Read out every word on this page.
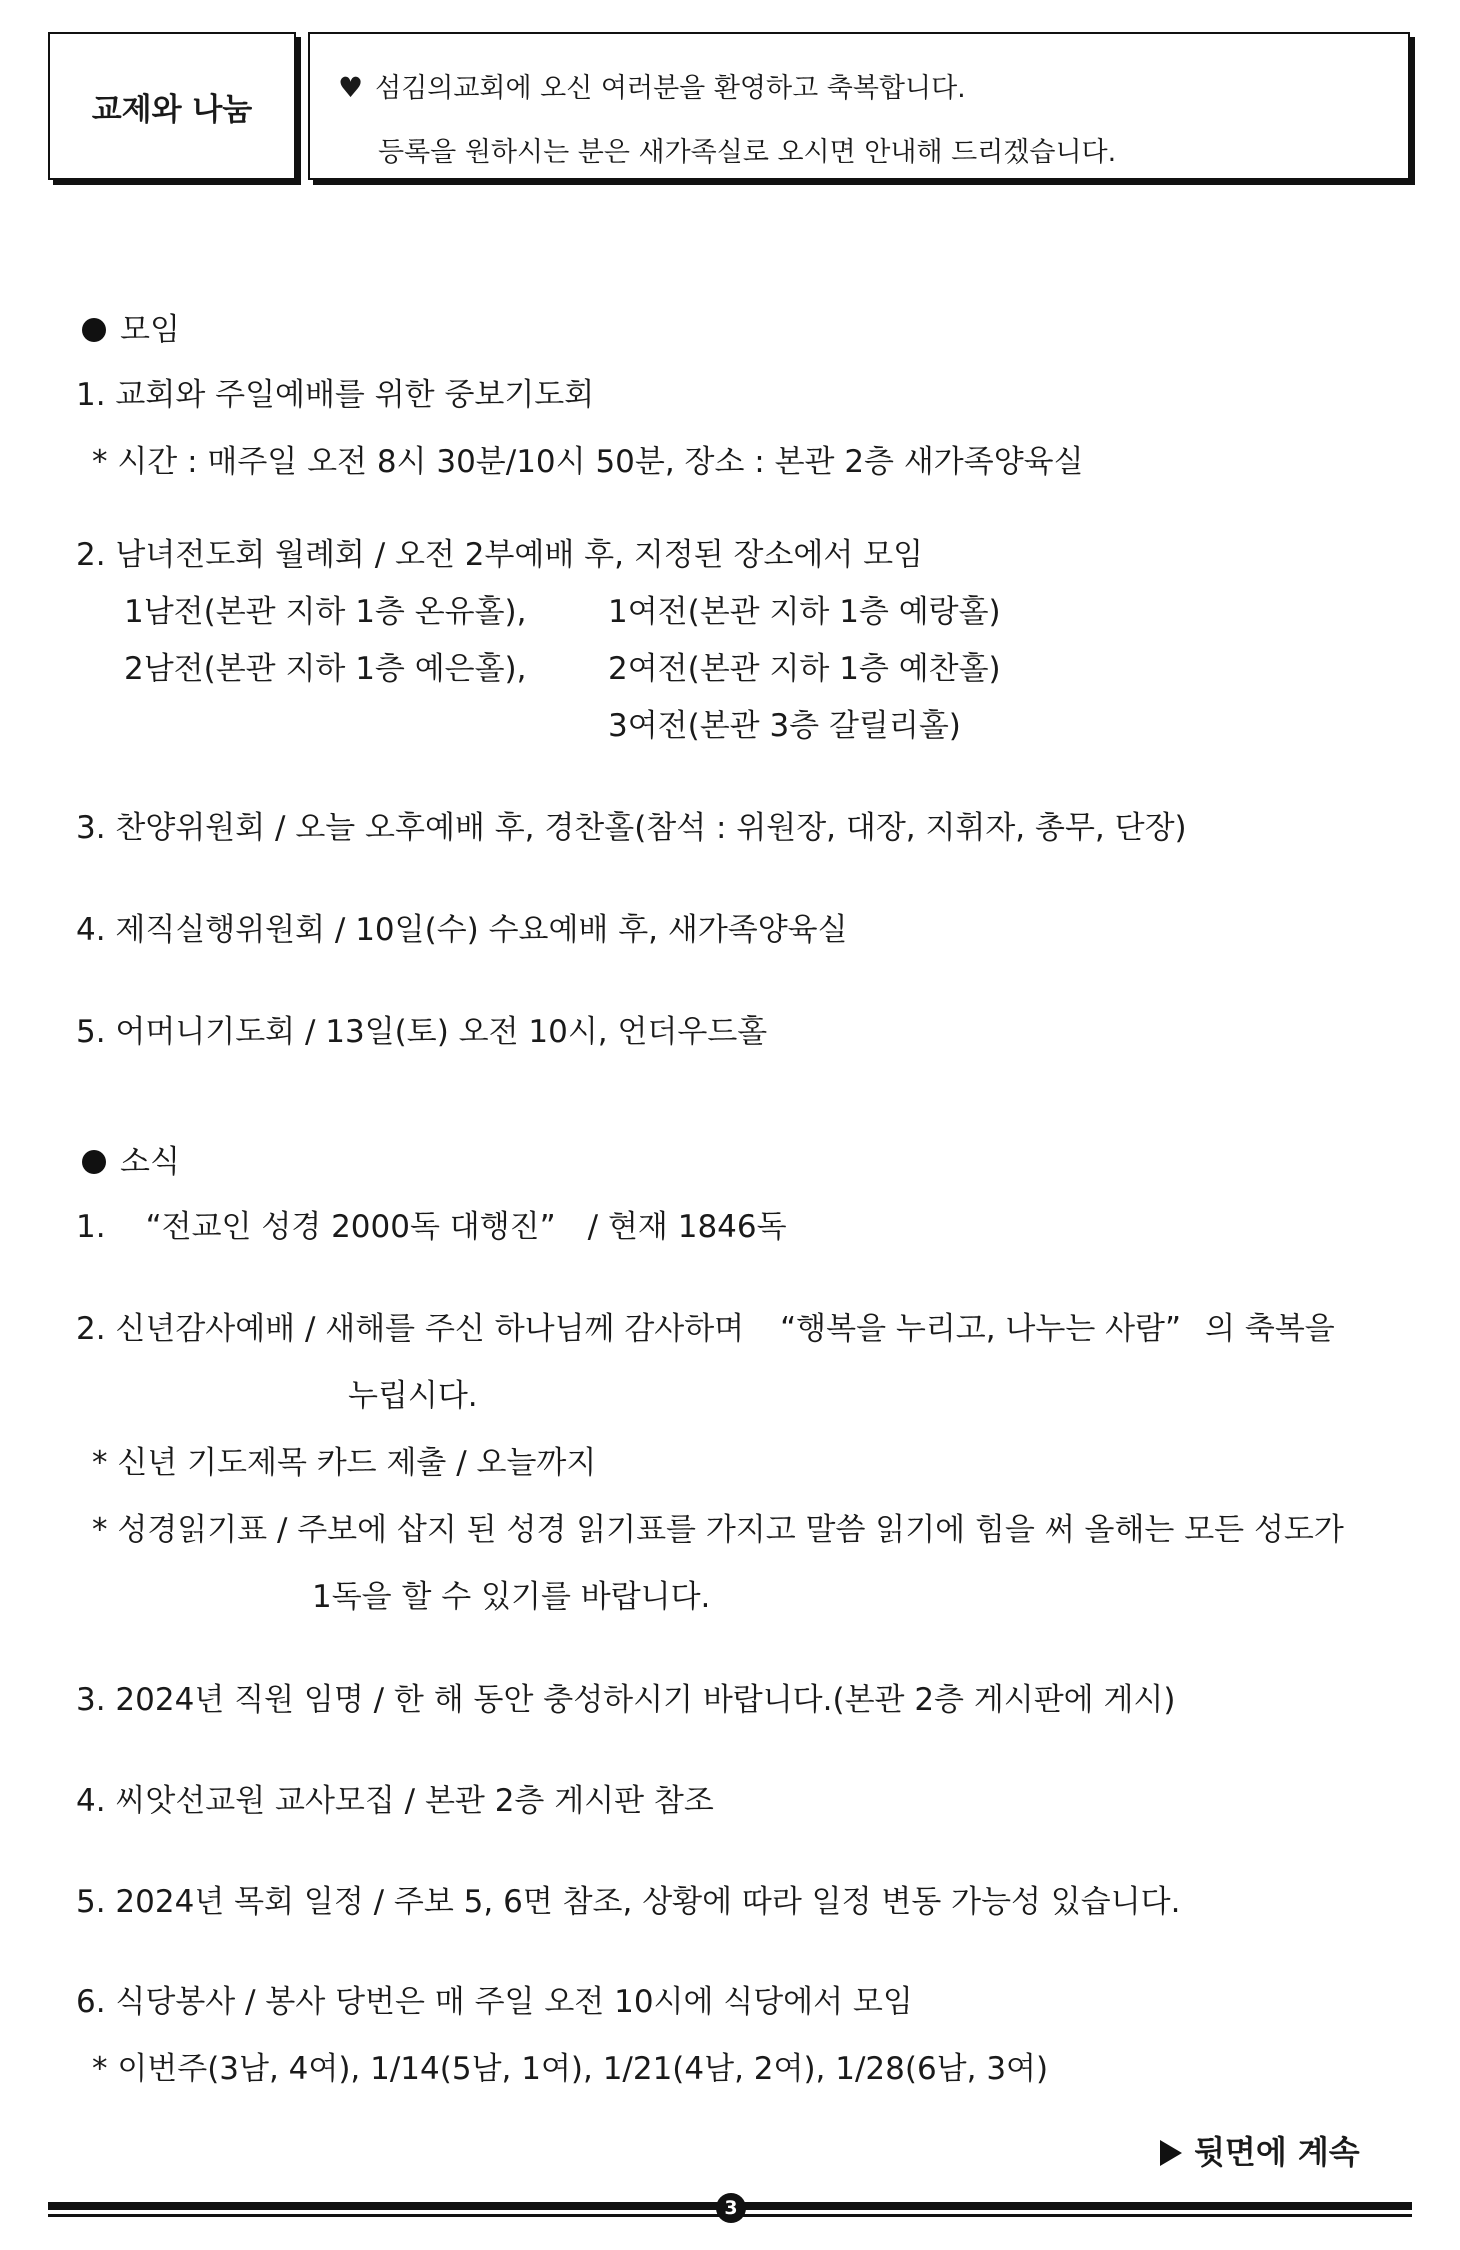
교제와 나눔
♥ 섬김의교회에 오신 여러분을 환영하고 축복합니다.
등록을 원하시는 분은 새가족실로 오시면 안내해 드리겠습니다.
모임
1. 교회와 주일예배를 위한 중보기도회
* 시간 : 매주일 오전 8시 30분/10시 50분, 장소 : 본관 2층 새가족양육실
2. 남녀전도회 월례회 / 오전 2부예배 후, 지정된 장소에서 모임
1남전(본관 지하 1층 온유홀),	1여전(본관 지하 1층 예랑홀)
2남전(본관 지하 1층 예은홀),	2여전(본관 지하 1층 예찬홀)
3여전(본관 3층 갈릴리홀)
3. 찬양위원회 / 오늘 오후예배 후, 경찬홀(참석 : 위원장, 대장, 지휘자, 총무, 단장)
4. 제직실행위원회 / 10일(수) 수요예배 후, 새가족양육실
5. 어머니기도회 / 13일(토) 오전 10시, 언더우드홀
소식
1. “전교인 성경 2000독 대행진” / 현재 1846독
2. 신년감사예배 / 새해를 주신 하나님께 감사하며 “행복을 누리고, 나누는 사람” 의 축복을
누립시다.
* 신년 기도제목 카드 제출 / 오늘까지
* 성경읽기표 / 주보에 삽지 된 성경 읽기표를 가지고 말씀 읽기에 힘을 써 올해는 모든 성도가
1독을 할 수 있기를 바랍니다.
3. 2024년 직원 임명 / 한 해 동안 충성하시기 바랍니다.(본관 2층 게시판에 게시)
4. 씨앗선교원 교사모집 / 본관 2층 게시판 참조
5. 2024년 목회 일정 / 주보 5, 6면 참조, 상황에 따라 일정 변동 가능성 있습니다.
6. 식당봉사 / 봉사 당번은 매 주일 오전 10시에 식당에서 모임
* 이번주(3남, 4여), 1/14(5남, 1여), 1/21(4남, 2여), 1/28(6남, 3여)
뒷면에 계속
3
